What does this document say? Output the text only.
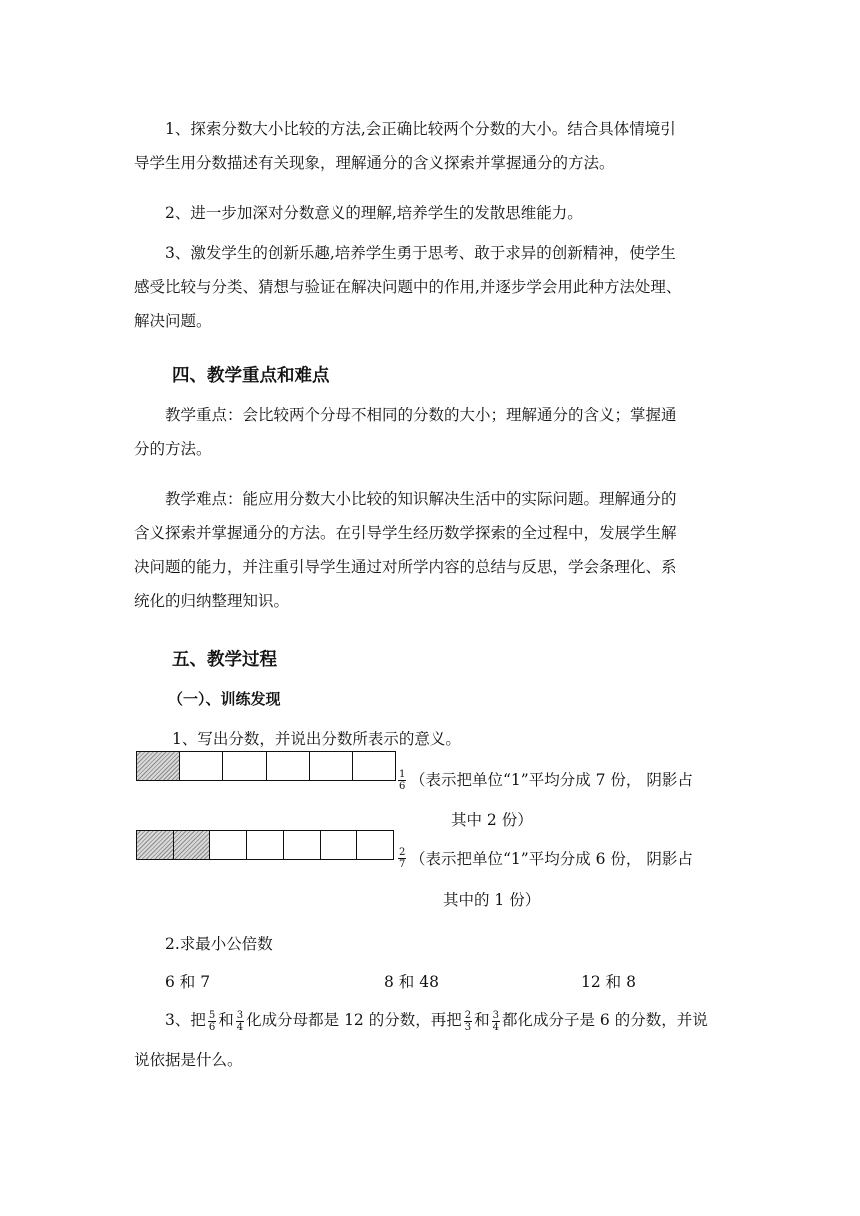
1、探索分数大小比较的方法,会正确比较两个分数的大小。结合具体情境引
导学生用分数描述有关现象，理解通分的含义探索并掌握通分的方法。
2、进一步加深对分数意义的理解,培养学生的发散思维能力。
3、激发学生的创新乐趣,培养学生勇于思考、敢于求异的创新精神，使学生
感受比较与分类、猜想与验证在解决问题中的作用,并逐步学会用此种方法处理、
解决问题。
四、教学重点和难点
教学重点：会比较两个分母不相同的分数的大小；理解通分的含义；掌握通
分的方法。
教学难点：能应用分数大小比较的知识解决生活中的实际问题。理解通分的
含义探索并掌握通分的方法。在引导学生经历数学探索的全过程中，发展学生解
决问题的能力，并注重引导学生通过对所学内容的总结与反思，学会条理化、系
统化的归纳整理知识。
五、教学过程
（一）、训练发现

1、写出分数，并说出分数所表示的意义。

$\frac{1}{6}$ （表示把单位“1”平均分成 7 份， 阴影占

其中 2 份）

$\frac{2}{7}$ （表示把单位“1”平均分成 6 份， 阴影占

其中的 1 份）

2.求最小公倍数

6 和 7	8 和 48	12 和 8

3、把 $\frac{5}{6}$ 和 $\frac{3}{4}$ 化成分母都是 12 的分数，再把 $\frac{2}{3}$ 和 $\frac{3}{4}$ 都化成分子是 6 的分数，并说

说依据是什么。
